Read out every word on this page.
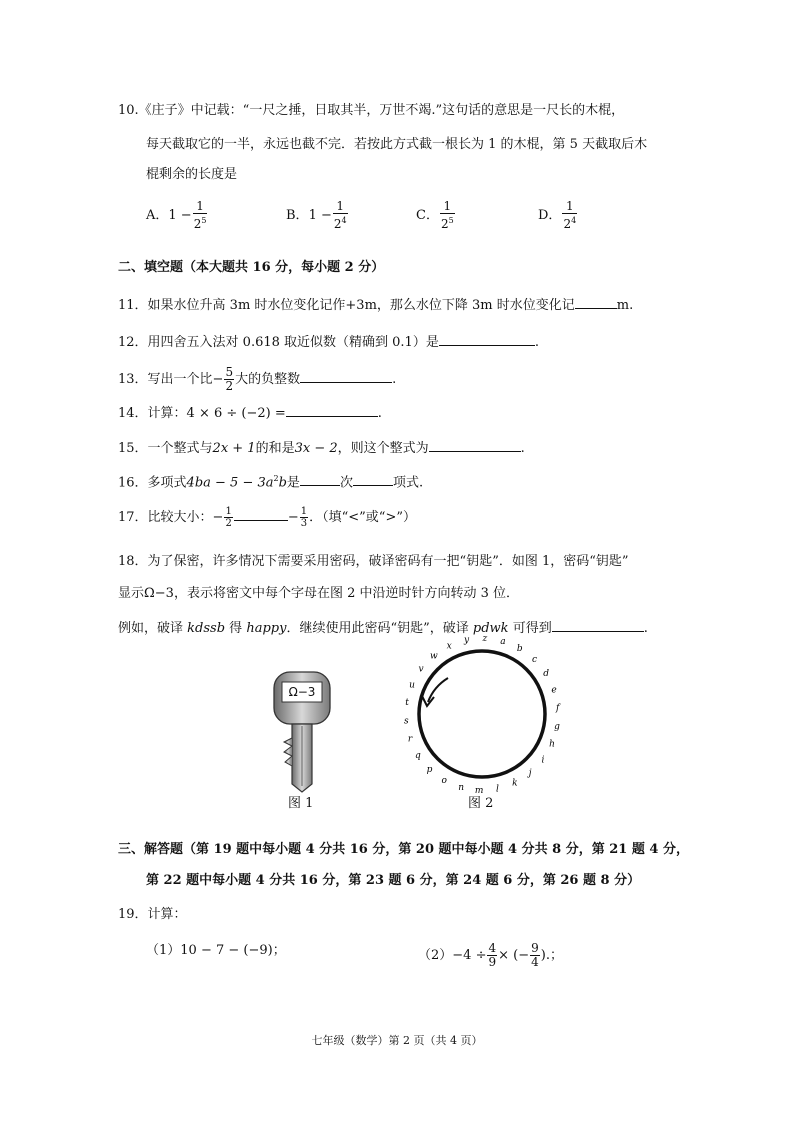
10.《庄子》中记载：“一尺之捶，日取其半，万世不竭.”这句话的意思是一尺长的木棍，
每天截取它的一半，永远也截不完．若按此方式截一根长为 1 的木棍，第 5 天截取后木
棍剩余的长度是
A．$1 - \frac{1}{2^5}$	B．$1 - \frac{1}{2^4}$	C． $\frac{1}{2^5}$	D． $\frac{1}{2^4}$
二、填空题（本大题共 16 分，每小题 2 分）
11．如果水位升高 3m 时水位变化记作+3m，那么水位下降 3m 时水位变化记	m.
12．用四舍五入法对 0.618 取近似数（精确到 0.1）是	.
13．写出一个比− $\frac{5}{2}$ 大的负整数	.
14．计算：4 × 6 ÷ (−2) =	.
15．一个整式与2x + 1的和是3x − 2，则这个整式为	.
16．多项式$4ba - 5 - 3a^2b$是	次	项式.
17．比较大小：− $\frac{1}{2}$	− $\frac{1}{3}$ ．（填“<”或“>”）
18．为了保密，许多情况下需要采用密码，破译密码有一把“钥匙”．如图 1，密码“钥匙”
显示Ω−3，表示将密文中每个字母在图 2 中沿逆时针方向转动 3 位．
例如，破译 kdssb 得 happy．继续使用此密码“钥匙”，破译 pdwk 可得到	.
Ω−3
图 1
a
b
c
d
e
f
g
h
i
j
k
l
m
n
o
p
q
r
s
t
u
v
w
x
y z
图 2
三、解答题（第 19 题中每小题 4 分共 16 分，第 20 题中每小题 4 分共 8 分，第 21 题 4 分，
第 22 题中每小题 4 分共 16 分，第 23 题 6 分，第 24 题 6 分，第 26 题 8 分）
19．计算：
（1）10 − 7 − (−9)；	$(2)-4 \div \frac{4}{9}$ × (− $\frac{9}{4}$ ).；
七年级（数学）第 2 页（共 4 页）
